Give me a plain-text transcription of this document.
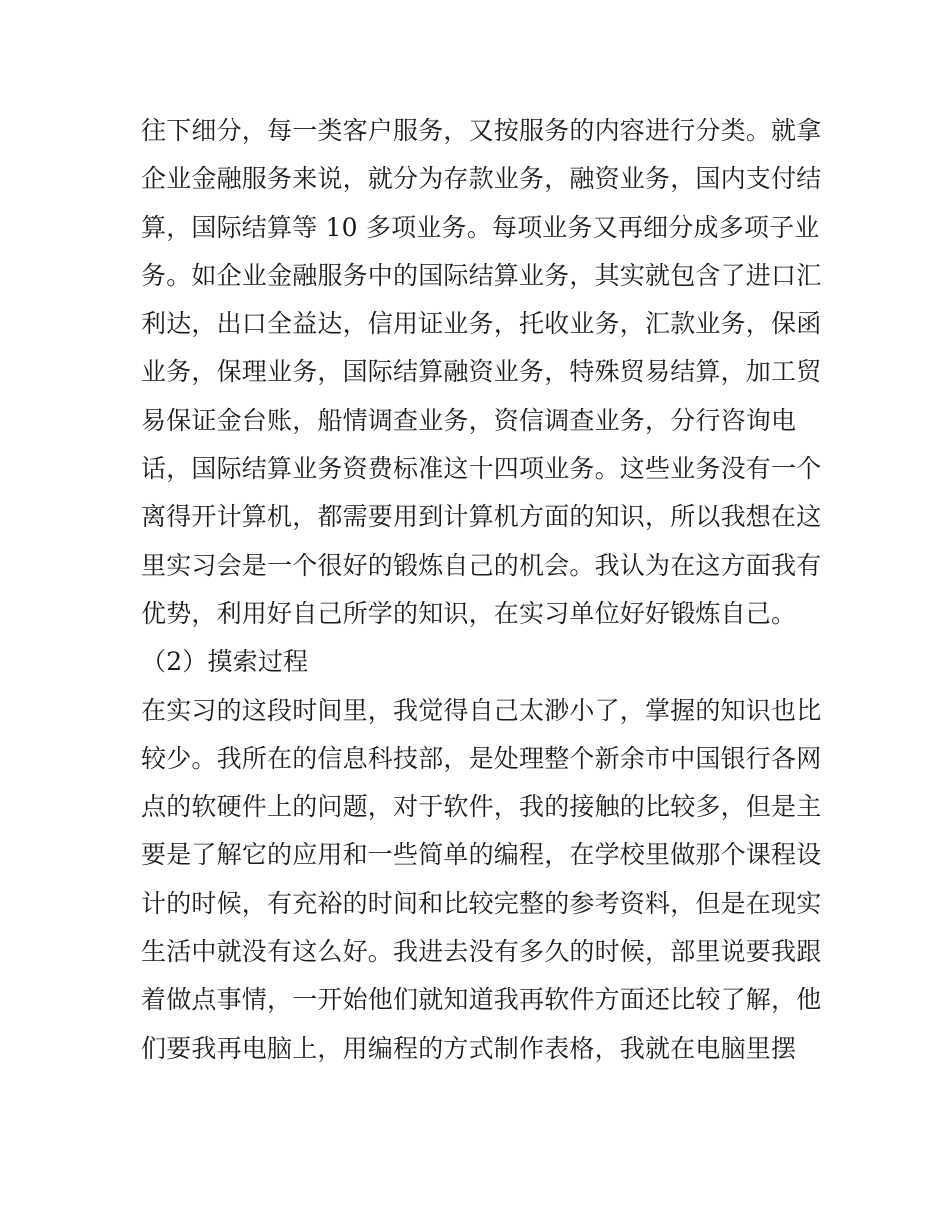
往下细分，每一类客户服务，又按服务的内容进行分类。就拿
企业金融服务来说，就分为存款业务，融资业务，国内支付结
算，国际结算等 10 多项业务。每项业务又再细分成多项子业
务。如企业金融服务中的国际结算业务，其实就包含了进口汇
利达，出口全益达，信用证业务，托收业务，汇款业务，保函
业务，保理业务，国际结算融资业务，特殊贸易结算，加工贸
易保证金台账，船情调查业务，资信调查业务，分行咨询电
话，国际结算业务资费标准这十四项业务。这些业务没有一个
离得开计算机，都需要用到计算机方面的知识，所以我想在这
里实习会是一个很好的锻炼自己的机会。我认为在这方面我有
优势，利用好自己所学的知识，在实习单位好好锻炼自己。
（2）摸索过程
在实习的这段时间里，我觉得自己太渺小了，掌握的知识也比
较少。我所在的信息科技部，是处理整个新余市中国银行各网
点的软硬件上的问题，对于软件，我的接触的比较多，但是主
要是了解它的应用和一些简单的编程，在学校里做那个课程设
计的时候，有充裕的时间和比较完整的参考资料，但是在现实
生活中就没有这么好。我进去没有多久的时候，部里说要我跟
着做点事情，一开始他们就知道我再软件方面还比较了解，他
们要我再电脑上，用编程的方式制作表格，我就在电脑里摆
